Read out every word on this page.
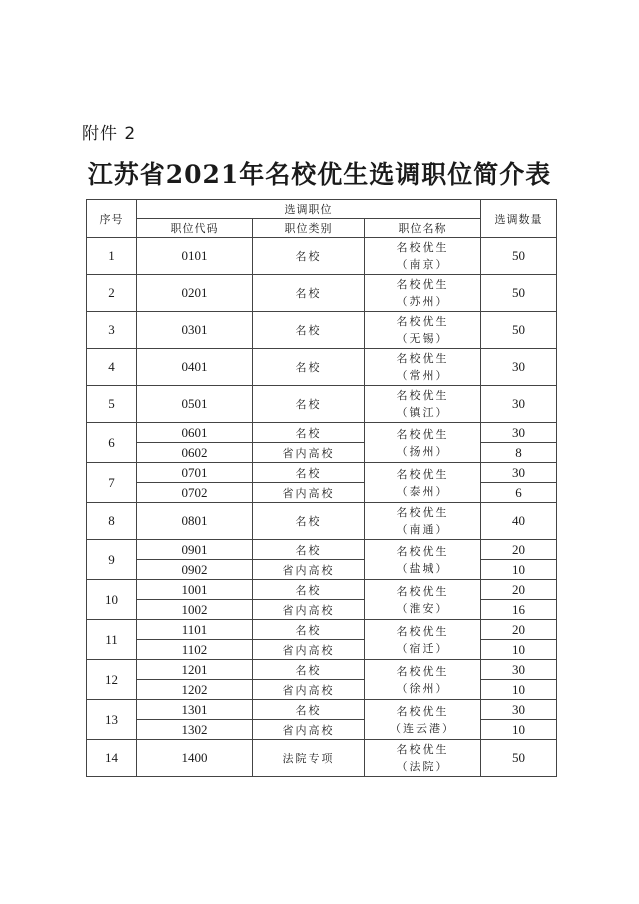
附件 2
江苏省2021年名校优生选调职位简介表
序号	选调职位			选调数量
	职位代码	职位类别	职位名称	
1	0101	名校	名校优生
（南京）	50
2	0201	名校	名校优生
（苏州）	50
3	0301	名校	名校优生
（无锡）	50
4	0401	名校	名校优生
（常州）	30
5	0501	名校	名校优生
（镇江）	30
6	0601	名校	名校优生
（扬州）	30
	0602	省内高校		8
7	0701	名校	名校优生
（泰州）	30
	0702	省内高校		6
8	0801	名校	名校优生
（南通）	40
9	0901	名校	名校优生
（盐城）	20
	0902	省内高校		10
10	1001	名校	名校优生
（淮安）	20
	1002	省内高校		16
11	1101	名校	名校优生
（宿迁）	20
	1102	省内高校		10
12	1201	名校	名校优生
（徐州）	30
	1202	省内高校		10
13	1301	名校	名校优生
（连云港）	30
	1302	省内高校		10
14	1400	法院专项	名校优生
（法院）	50
